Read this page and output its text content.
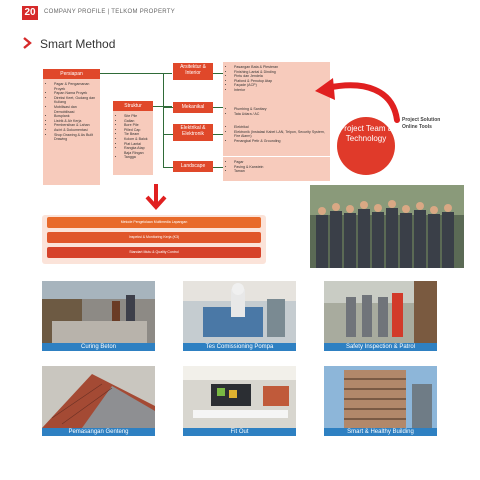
20	COMPANY PROFILE | TELKOM PROPERTY
Smart Method
Persiapan
• Pagar & Pengamanan Proyek
• Papan Nama Proyek
• Direksi Keet, Gudang dan Kuliang
• Mobilisasi dan Demobilisasi
• Bowplank
• Listrik & Air Kerja
• Pembersihan & Lahan
• As/nt & Dokumentasi
• Shop Drawing & As Built Drawing
Struktur
• Site Pile
• Galian
• Bore Pile
• Pilled Cap
• Tie Beam
• Kolom & Balok
• Plat Lantai
• Rangka Atap Baja Ringan
• Tangga
Arsitektur & Interior
• Pasangan Bata & Plesteran
• Finishing Lantai & Dinding
• Pintu dan Jendela
• Plafond & Penutup Atap
• Façade (ACP)
• Interior
Mekanikal
•	Plumbing & Sanitary
• Tata Udara / AC
Elektrikal & Elektronik
• Elektrikal
• Elektronik (Instalasi Kabel LAN, Telpon, Security System, Fire Alarm)
• Penangkal Petir & Grounding
Landscape
• Pagar
• Paving & Kanstein
• Taman
Project Team & Technology
Project Solution Online Tools
Metode Pengelolaan Multimedia Lapangan
Inspeksi & Monitoring Kerja (K3)
Standart Mutu & Quality Control
Curing Beton	Tes Comissioning Pompa	Safety Inspection & Patrol
Pemasangan Genteng	Fit Out	Smart & Healthy Building
